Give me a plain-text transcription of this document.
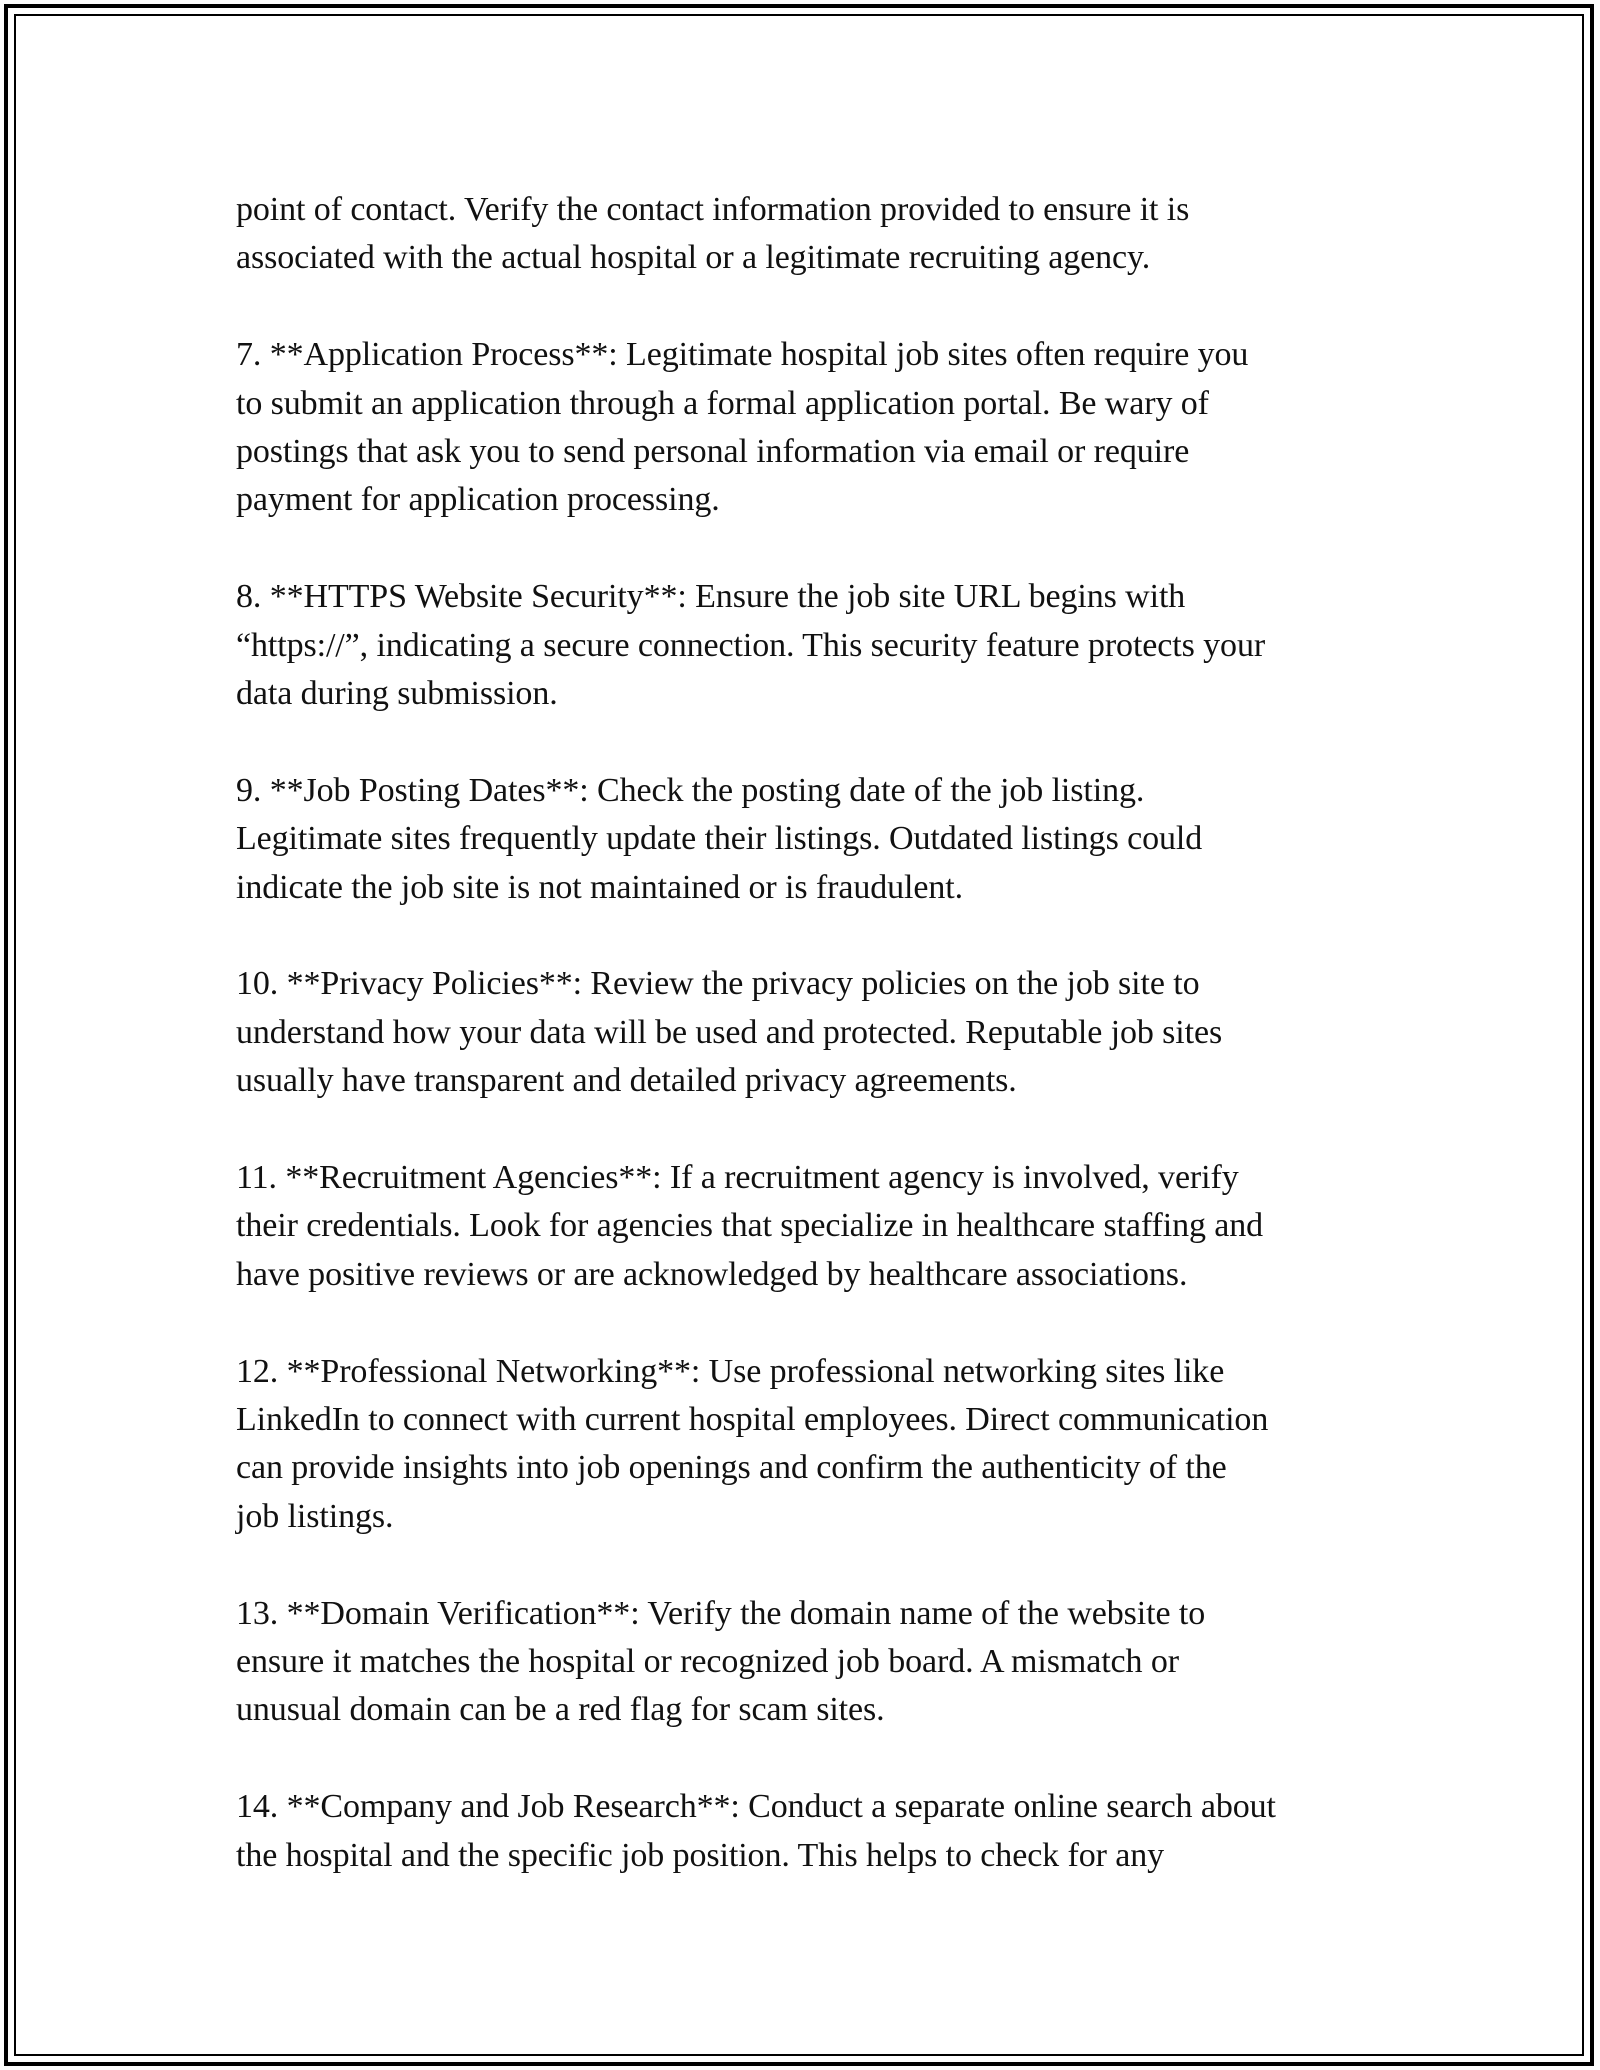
point of contact. Verify the contact information provided to ensure it is
associated with the actual hospital or a legitimate recruiting agency.

7. **Application Process**: Legitimate hospital job sites often require you
to submit an application through a formal application portal. Be wary of
postings that ask you to send personal information via email or require
payment for application processing.

8. **HTTPS Website Security**: Ensure the job site URL begins with
“https://”, indicating a secure connection. This security feature protects your
data during submission.

9. **Job Posting Dates**: Check the posting date of the job listing.
Legitimate sites frequently update their listings. Outdated listings could
indicate the job site is not maintained or is fraudulent.

10. **Privacy Policies**: Review the privacy policies on the job site to
understand how your data will be used and protected. Reputable job sites
usually have transparent and detailed privacy agreements.

11. **Recruitment Agencies**: If a recruitment agency is involved, verify
their credentials. Look for agencies that specialize in healthcare staffing and
have positive reviews or are acknowledged by healthcare associations.

12. **Professional Networking**: Use professional networking sites like
LinkedIn to connect with current hospital employees. Direct communication
can provide insights into job openings and confirm the authenticity of the
job listings.

13. **Domain Verification**: Verify the domain name of the website to
ensure it matches the hospital or recognized job board. A mismatch or
unusual domain can be a red flag for scam sites.

14. **Company and Job Research**: Conduct a separate online search about
the hospital and the specific job position. This helps to check for any
